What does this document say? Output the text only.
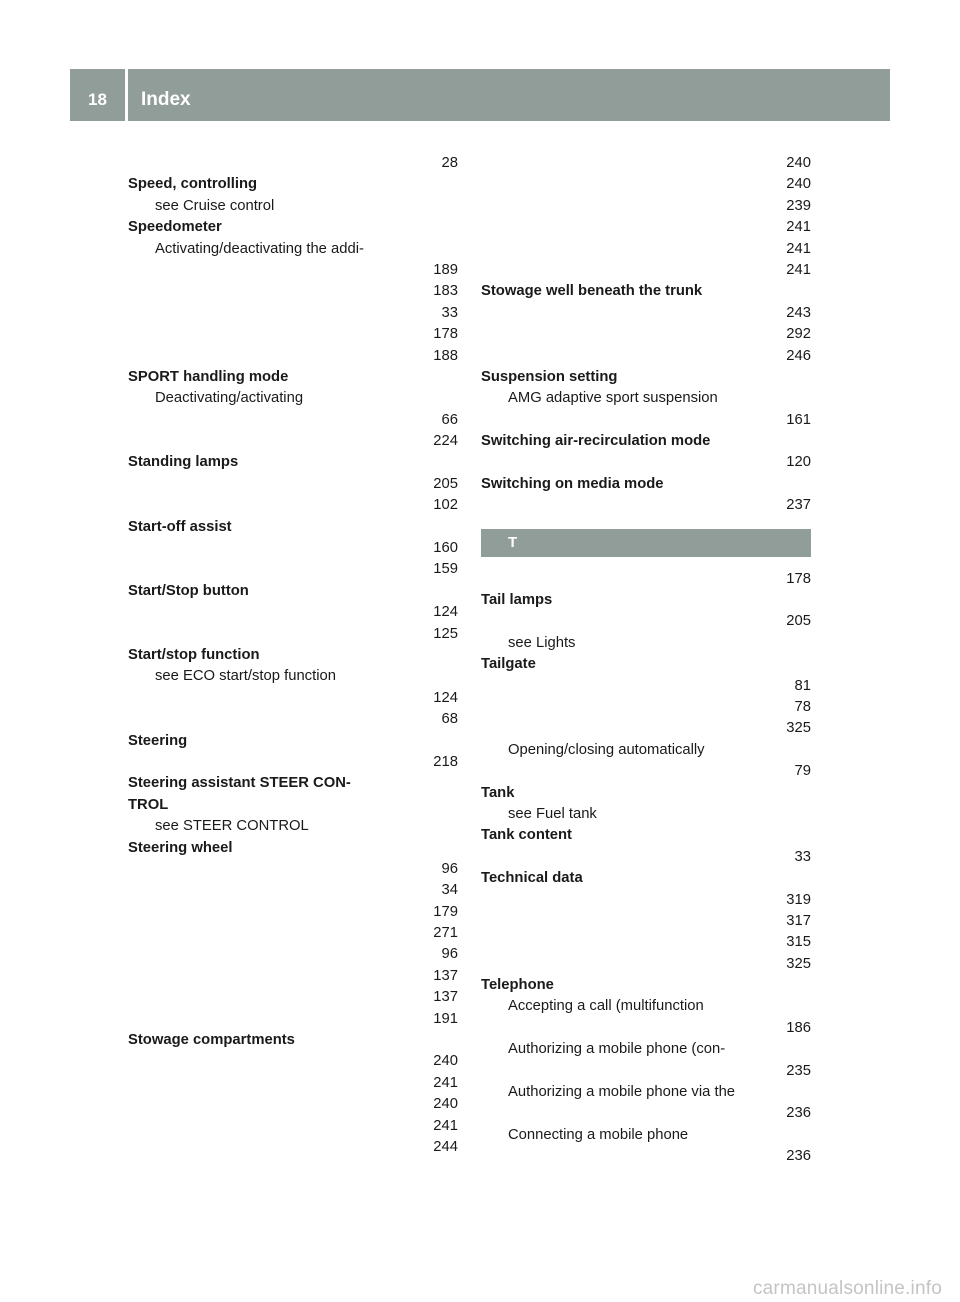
18	Index
28
Speed, controlling
see Cruise control
Speedometer
Activating/deactivating the addi-
189
183
33
178
188
SPORT handling mode
Deactivating/activating
66
224
Standing lamps
205
102
Start-off assist
160
159
Start/Stop button
124
125
Start/stop function
see ECO start/stop function
124
68
Steering
218
Steering assistant STEER CON-
TROL
see STEER CONTROL
Steering wheel
96
34
179
271
96
137
137
191
Stowage compartments
240
241
240
241
244
240
240
239
241
241
241
Stowage well beneath the trunk
243
292
246
Suspension setting
AMG adaptive sport suspension
161
Switching air-recirculation mode
120
Switching on media mode
237
T
178
Tail lamps
205
see Lights
Tailgate
81
78
325
Opening/closing automatically
79
Tank
see Fuel tank
Tank content
33
Technical data
319
317
315
325
Telephone
Accepting a call (multifunction
186
Authorizing a mobile phone (con-
235
Authorizing a mobile phone via the
236
Connecting a mobile phone
236
carmanualsonline.info
